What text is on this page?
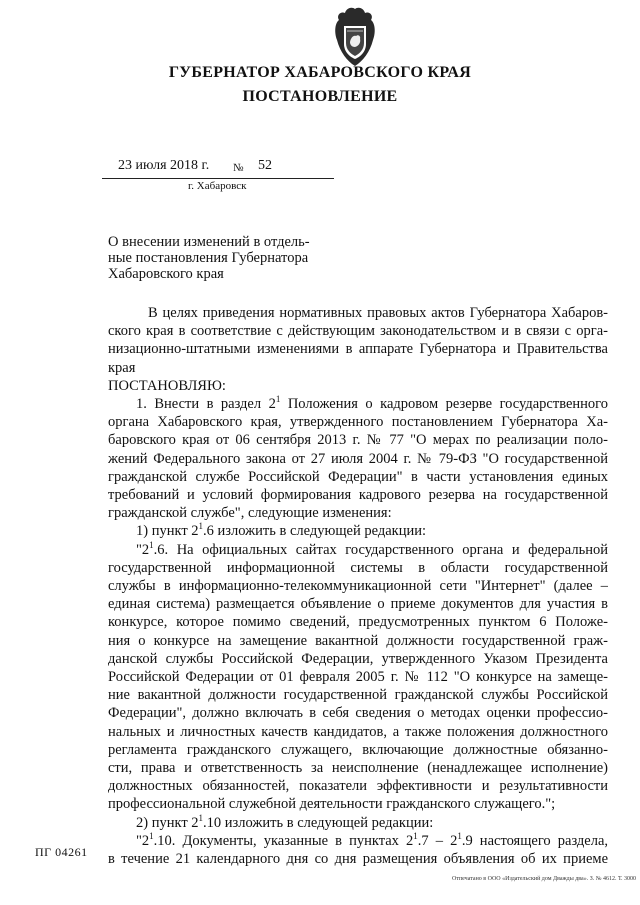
ГУБЕРНАТОР ХАБАРОВСКОГО КРАЯ
ПОСТАНОВЛЕНИЕ
23 июля 2018 г. № 52
г. Хабаровск
О внесении изменений в отдель-
ные постановления Губернатора
Хабаровского края
В целях приведения нормативных правовых актов Губернатора Хабаров-
ского края в соответствие с действующим законодательством и в связи с орга-
низационно-штатными изменениями в аппарате Губернатора и Правительства
края
ПОСТАНОВЛЯЮ:
1. Внести в раздел $2^1$ Положения о кадровом резерве государственного
органа Хабаровского края, утвержденного постановлением Губернатора Ха-
баровского края от 06 сентября 2013 г. № 77 "О мерах по реализации поло-
жений Федерального закона от 27 июля 2004 г. № 79-ФЗ "О государственной
гражданской службе Российской Федерации" в части установления единых
требований и условий формирования кадрового резерва на государственной
гражданской службе", следующие изменения:
1) пункт $2^1.6$ изложить в следующей редакции:
"$2^1.6$. На официальных сайтах государственного органа и федеральной
государственной информационной системы в области государственной
службы в информационно-телекоммуникационной сети "Интернет" (далее –
единая система) размещается объявление о приеме документов для участия в
конкурсе, которое помимо сведений, предусмотренных пунктом 6 Положе-
ния о конкурсе на замещение вакантной должности государственной граж-
данской службы Российской Федерации, утвержденного Указом Президента
Российской Федерации от 01 февраля 2005 г. № 112 "О конкурсе на замеще-
ние вакантной должности государственной гражданской службы Российской
Федерации", должно включать в себя сведения о методах оценки профессио-
нальных и личностных качеств кандидатов, а также положения должностного
регламента гражданского служащего, включающие должностные обязанно-
сти, права и ответственность за неисполнение (ненадлежащее исполнение)
должностных обязанностей, показатели эффективности и результативности
профессиональной служебной деятельности гражданского служащего.";
2) пункт $2^1.10$ изложить в следующей редакции:
"$2^1.10$. Документы, указанные в пунктах $2^1.7 - 2^1.9$ настоящего раздела,
в течение 21 календарного дня со дня размещения объявления об их приеме
ПГ 04261
Отпечатано в ООО «Издательский дом Дважды два». З. № 4612. Т. 3000
